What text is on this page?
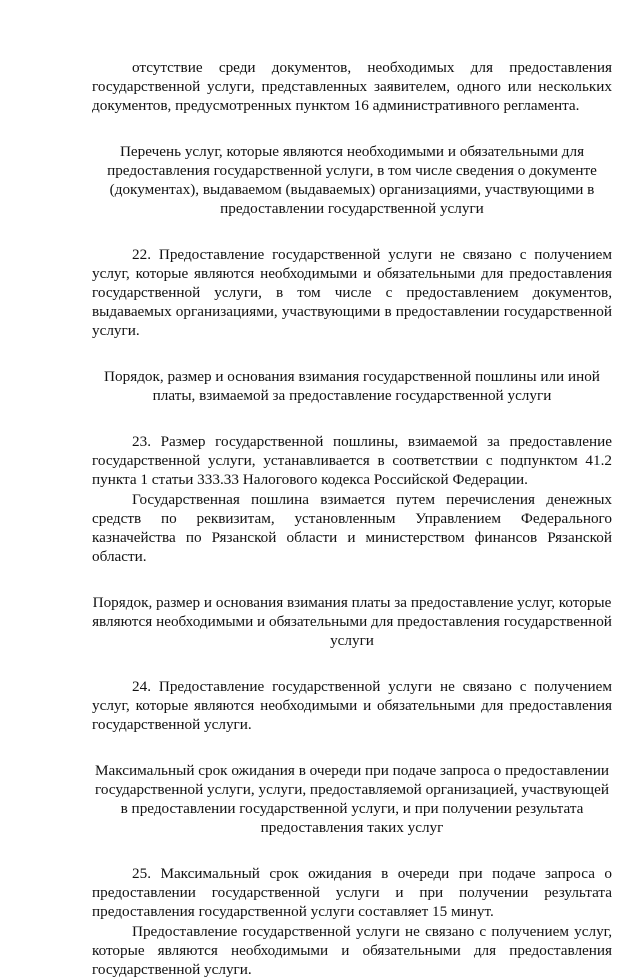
отсутствие среди документов, необходимых для предоставления государственной услуги, представленных заявителем, одного или нескольких документов, предусмотренных пунктом 16 административного регламента.

Перечень услуг, которые являются необходимыми и обязательными для предоставления государственной услуги, в том числе сведения о документе (документах), выдаваемом (выдаваемых) организациями, участвующими в предоставлении государственной услуги

22. Предоставление государственной услуги не связано с получением услуг, которые являются необходимыми и обязательными для предоставления государственной услуги, в том числе с предоставлением документов, выдаваемых организациями, участвующими в предоставлении государственной услуги.

Порядок, размер и основания взимания государственной пошлины или иной платы, взимаемой за предоставление государственной услуги

23. Размер государственной пошлины, взимаемой за предоставление государственной услуги, устанавливается в соответствии с подпунктом 41.2 пункта 1 статьи 333.33 Налогового кодекса Российской Федерации.

Государственная пошлина взимается путем перечисления денежных средств по реквизитам, установленным Управлением Федерального казначейства по Рязанской области и министерством финансов Рязанской области.

Порядок, размер и основания взимания платы за предоставление услуг, которые являются необходимыми и обязательными для предоставления государственной услуги

24. Предоставление государственной услуги не связано с получением услуг, которые являются необходимыми и обязательными для предоставления государственной услуги.

Максимальный срок ожидания в очереди при подаче запроса о предоставлении государственной услуги, услуги, предоставляемой организацией, участвующей в предоставлении государственной услуги, и при получении результата предоставления таких услуг

25. Максимальный срок ожидания в очереди при подаче запроса о предоставлении государственной услуги и при получении результата предоставления государственной услуги составляет 15 минут.

Предоставление государственной услуги не связано с получением услуг, которые являются необходимыми и обязательными для предоставления государственной услуги.
